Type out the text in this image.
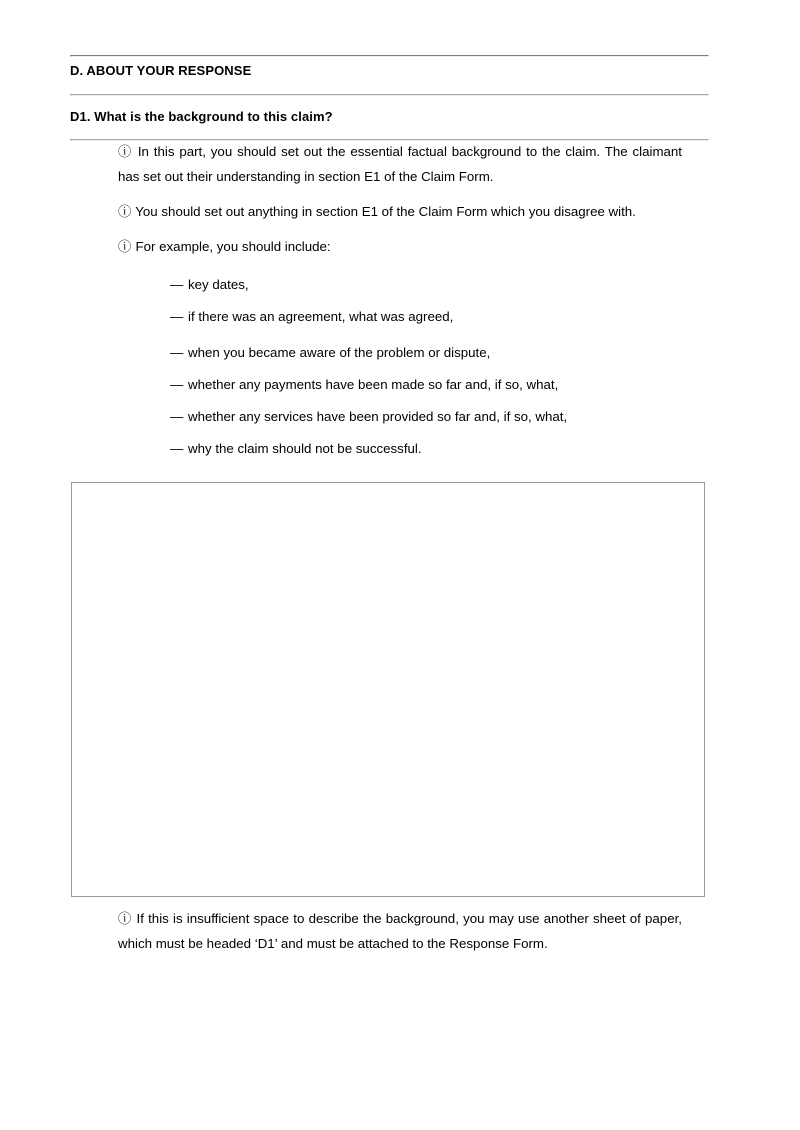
D. ABOUT YOUR RESPONSE
D1. What is the background to this claim?

ⓘ In this part, you should set out the essential factual background to the claim. The claimant has set out their understanding in section E1 of the Claim Form.

ⓘ You should set out anything in section E1 of the Claim Form which you disagree with.

ⓘ For example, you should include:

— key dates,
— if there was an agreement, what was agreed,
— when you became aware of the problem or dispute,
— whether any payments have been made so far and, if so, what,
— whether any services have been provided so far and, if so, what,
— why the claim should not be successful.

ⓘ If this is insufficient space to describe the background, you may use another sheet of paper, which must be headed ‘D1’ and must be attached to the Response Form.
